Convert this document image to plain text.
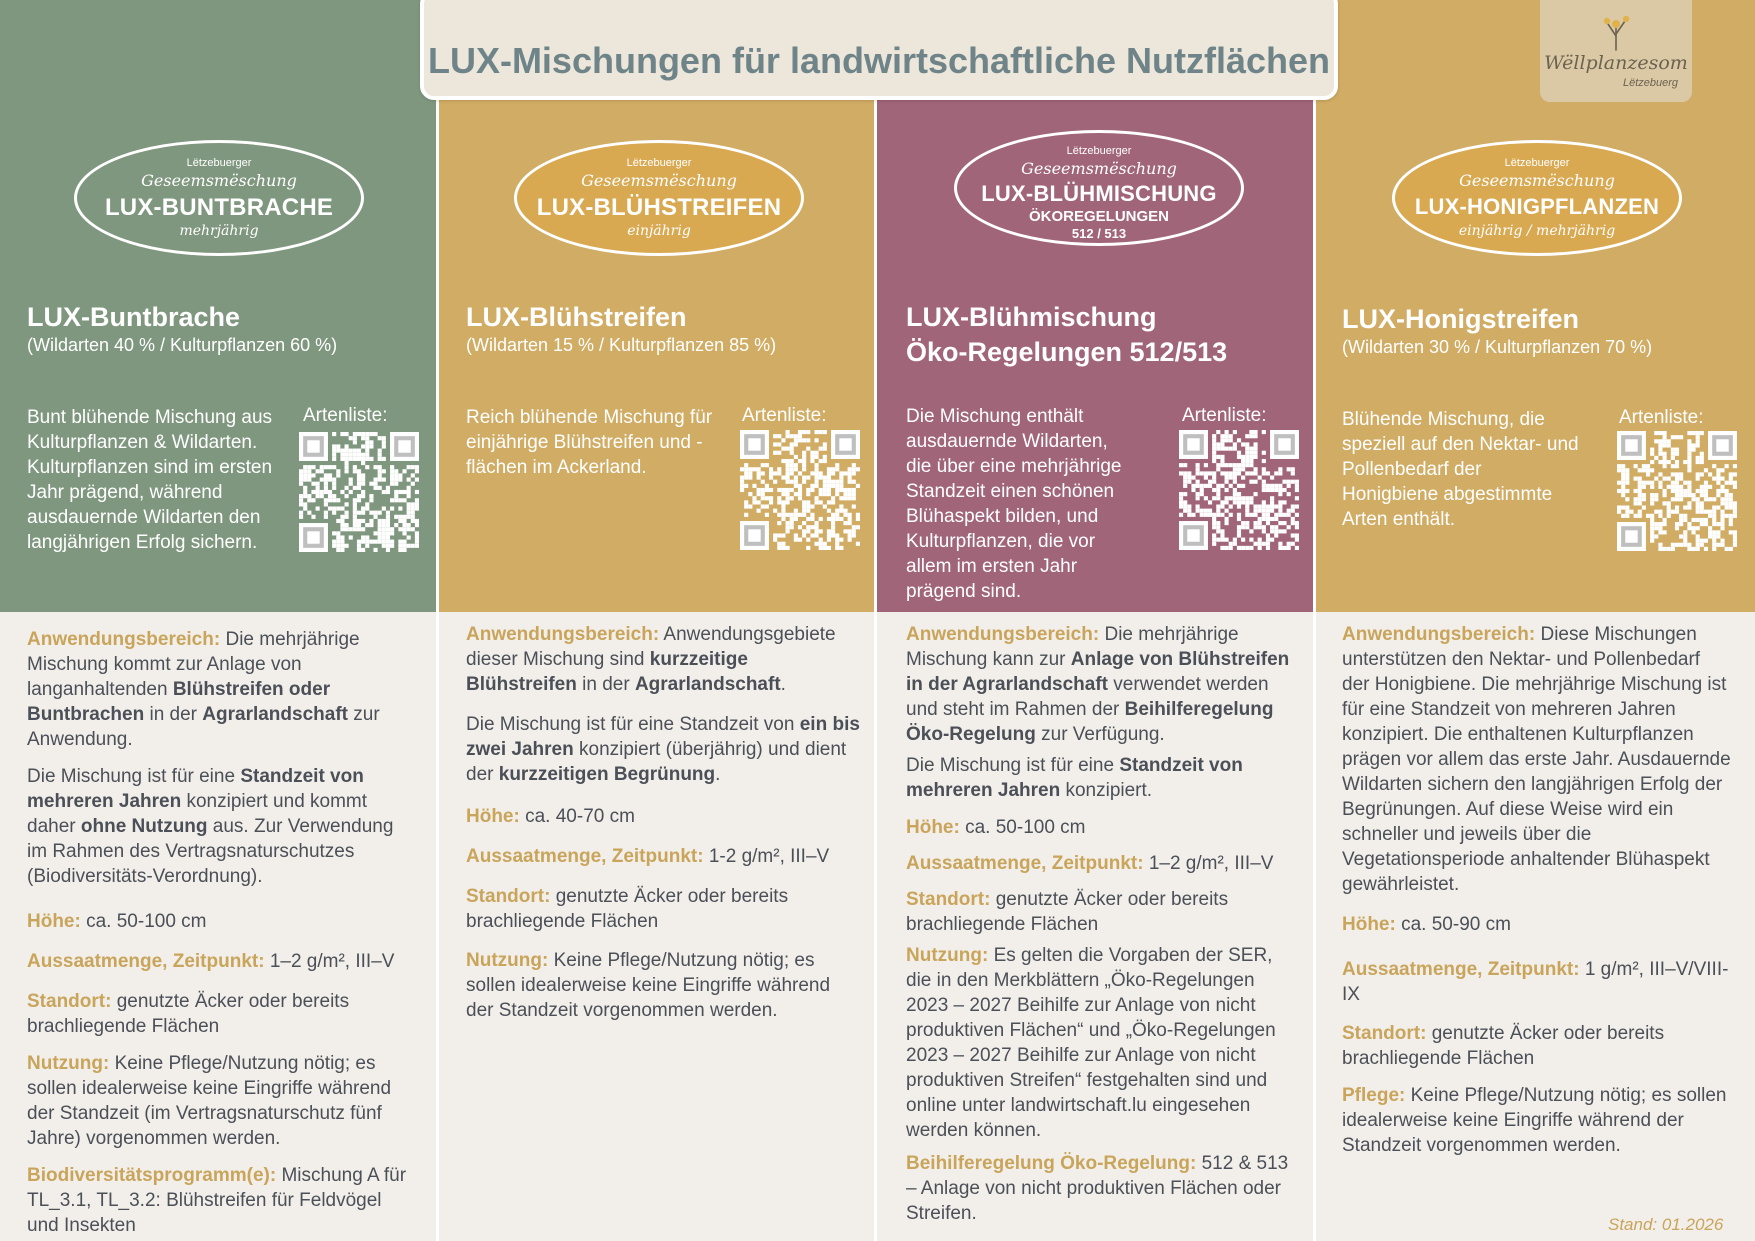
LUX-Mischungen für landwirtschaftliche Nutzflächen	Wëllplanzesom
Lëtzebuerg
Lëtzebuerger
Geseemsmëschung
LUX-BUNTBRACHE
mehrjährig
LUX-Buntbrache
(Wildarten 40 % / Kulturpflanzen 60 %)
Bunt blühende Mischung aus Kulturpflanzen & Wildarten. Kulturpflanzen sind im ersten Jahr prägend, während ausdauernde Wildarten den langjährigen Erfolg sichern.
Artenliste:
Lëtzebuerger
Geseemsmëschung
LUX-BLÜHSTREIFEN
einjährig
LUX-Blühstreifen
(Wildarten 15 % / Kulturpflanzen 85 %)
Reich blühende Mischung für einjährige Blühstreifen und -flächen im Ackerland.
Artenliste:
Lëtzebuerger
Geseemsmëschung
LUX-BLÜHMISCHUNG
ÖKOREGELUNGEN
512 / 513
LUX-Blühmischung
Öko-Regelungen 512/513
Die Mischung enthält ausdauernde Wildarten, die über eine mehrjährige Standzeit einen schönen Blühaspekt bilden, und Kulturpflanzen, die vor allem im ersten Jahr prägend sind.
Artenliste:
Lëtzebuerger
Geseemsmëschung
LUX-HONIGPFLANZEN
einjährig / mehrjährig
LUX-Honigstreifen
(Wildarten 30 % / Kulturpflanzen 70 %)
Blühende Mischung, die speziell auf den Nektar- und Pollenbedarf der Honigbiene abgestimmte Arten enthält.
Artenliste:

Anwendungsbereich: Die mehrjährige Mischung kommt zur Anlage von langanhaltenden Blühstreifen oder Buntbrachen in der Agrarlandschaft zur Anwendung.

Die Mischung ist für eine Standzeit von mehreren Jahren konzipiert und kommt daher ohne Nutzung aus. Zur Verwendung im Rahmen des Vertragsnaturschutzes (Biodiversitäts-Verordnung).

Höhe: ca. 50-100 cm

Aussaatmenge, Zeitpunkt: 1–2 g/m², III–V

Standort: genutzte Äcker oder bereits brachliegende Flächen

Nutzung: Keine Pflege/Nutzung nötig; es sollen idealerweise keine Eingriffe während der Standzeit (im Vertragsnaturschutz fünf Jahre) vorgenommen werden.

Biodiversitätsprogramm(e): Mischung A für TL_3.1, TL_3.2: Blühstreifen für Feldvögel und Insekten

Anwendungsbereich: Anwendungsgebiete dieser Mischung sind kurzzeitige Blühstreifen in der Agrarlandschaft.

Die Mischung ist für eine Standzeit von ein bis zwei Jahren konzipiert (überjährig) und dient der kurzzeitigen Begrünung.

Höhe: ca. 40-70 cm

Aussaatmenge, Zeitpunkt: 1-2 g/m², III–V

Standort: genutzte Äcker oder bereits brachliegende Flächen

Nutzung: Keine Pflege/Nutzung nötig; es sollen idealerweise keine Eingriffe während der Standzeit vorgenommen werden.

Anwendungsbereich: Die mehrjährige Mischung kann zur Anlage von Blühstreifen in der Agrarlandschaft verwendet werden und steht im Rahmen der Beihilferegelung Öko-Regelung zur Verfügung.

Die Mischung ist für eine Standzeit von mehreren Jahren konzipiert.

Höhe: ca. 50-100 cm

Aussaatmenge, Zeitpunkt: 1–2 g/m², III–V

Standort: genutzte Äcker oder bereits brachliegende Flächen

Nutzung: Es gelten die Vorgaben der SER, die in den Merkblättern „Öko-Regelungen 2023 – 2027 Beihilfe zur Anlage von nicht produktiven Flächen“ und „Öko-Regelungen 2023 – 2027 Beihilfe zur Anlage von nicht produktiven Streifen“ festgehalten sind und online unter landwirtschaft.lu eingesehen werden können.

Beihilferegelung Öko-Regelung: 512 & 513 – Anlage von nicht produktiven Flächen oder Streifen.

Anwendungsbereich: Diese Mischungen unterstützen den Nektar- und Pollenbedarf der Honigbiene. Die mehrjährige Mischung ist für eine Standzeit von mehreren Jahren konzipiert. Die enthaltenen Kulturpflanzen prägen vor allem das erste Jahr. Ausdauernde Wildarten sichern den langjährigen Erfolg der Begrünungen. Auf diese Weise wird ein schneller und jeweils über die Vegetationsperiode anhaltender Blühaspekt gewährleistet.

Höhe: ca. 50-90 cm

Aussaatmenge, Zeitpunkt: 1 g/m², III–V/VIII-IX

Standort: genutzte Äcker oder bereits brachliegende Flächen

Pflege: Keine Pflege/Nutzung nötig; es sollen idealerweise keine Eingriffe während der Standzeit vorgenommen werden.

Stand: 01.2026
